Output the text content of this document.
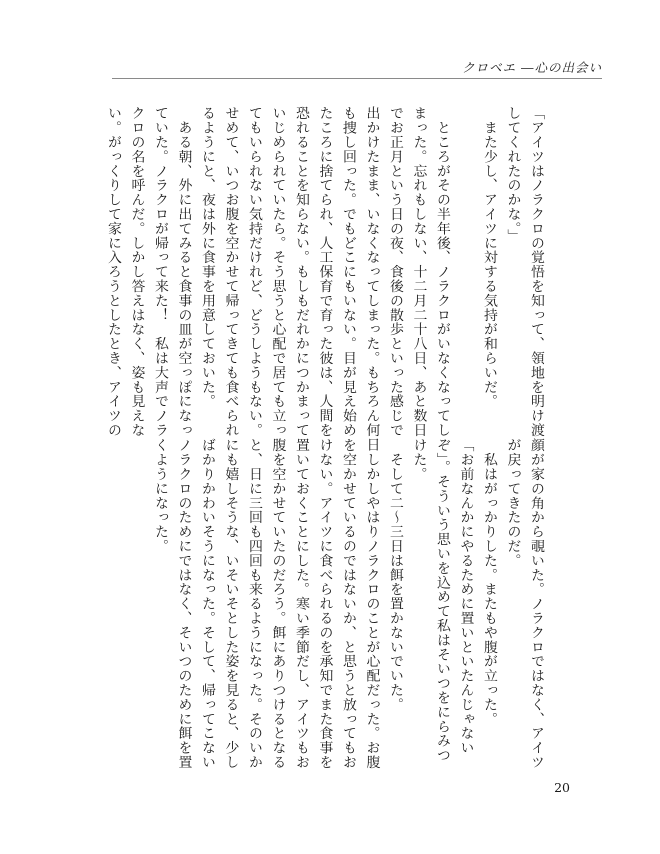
クロベエ ―心の出会い

「アイツはノラクロの覚悟を知って、領地を明け渡

してくれたのかな。」

　また少し、アイツに対する気持が和らいだ。

　ところがその半年後、ノラクロがいなくなってし

まった。忘れもしない、十二月二十八日、あと数日

でお正月という日の夜、食後の散歩といった感じで

出かけたまま、いなくなってしまった。もちろん何日

も捜し回った。でもどこにもいない。目が見え始め

たころに捨てられ、人工保育で育った彼は、人間を

恐れることを知らない。もしもだれかにつかまって

いじめられていたら。そう思うと心配で居ても立っ

てもいられない気持だけれど、どうしようもない。

せめて、いつお腹を空かせて帰ってきても食べられ

るようにと、夜は外に食事を用意しておいた。

　ある朝、外に出てみると食事の皿が空っぽになっ

ていた。ノラクロが帰って来た！　私は大声でノラ

クロの名を呼んだ。しかし答えはなく、姿も見えな

い。がっくりして家に入ろうとしたとき、アイツの

顔が家の角から覗いた。ノラクロではなく、アイツ

が戻ってきたのだ。

　私はがっかりした。またもや腹が立った。

「お前なんかにやるために置いといたんじゃない

ぞ」。そういう思いを込めて私はそいつをにらみつ

けた。

　そして二〜三日は餌を置かないでいた。

　しかしやはりノラクロのことが心配だった。お腹

を空かせているのではないか、と思うと放ってもお

けない。アイツに食べられるのを承知でまた食事を

置いておくことにした。寒い季節だし、アイツもお

腹を空かせていたのだろう。餌にありつけるとなる

と、日に三回も四回も来るようになった。そのいか

にも嬉しそうな、いそいそとした姿を見ると、少し

ばかりかわいそうになった。そして、帰ってこない

ノラクロのためにではなく、そいつのために餌を置

くようになった。

20
